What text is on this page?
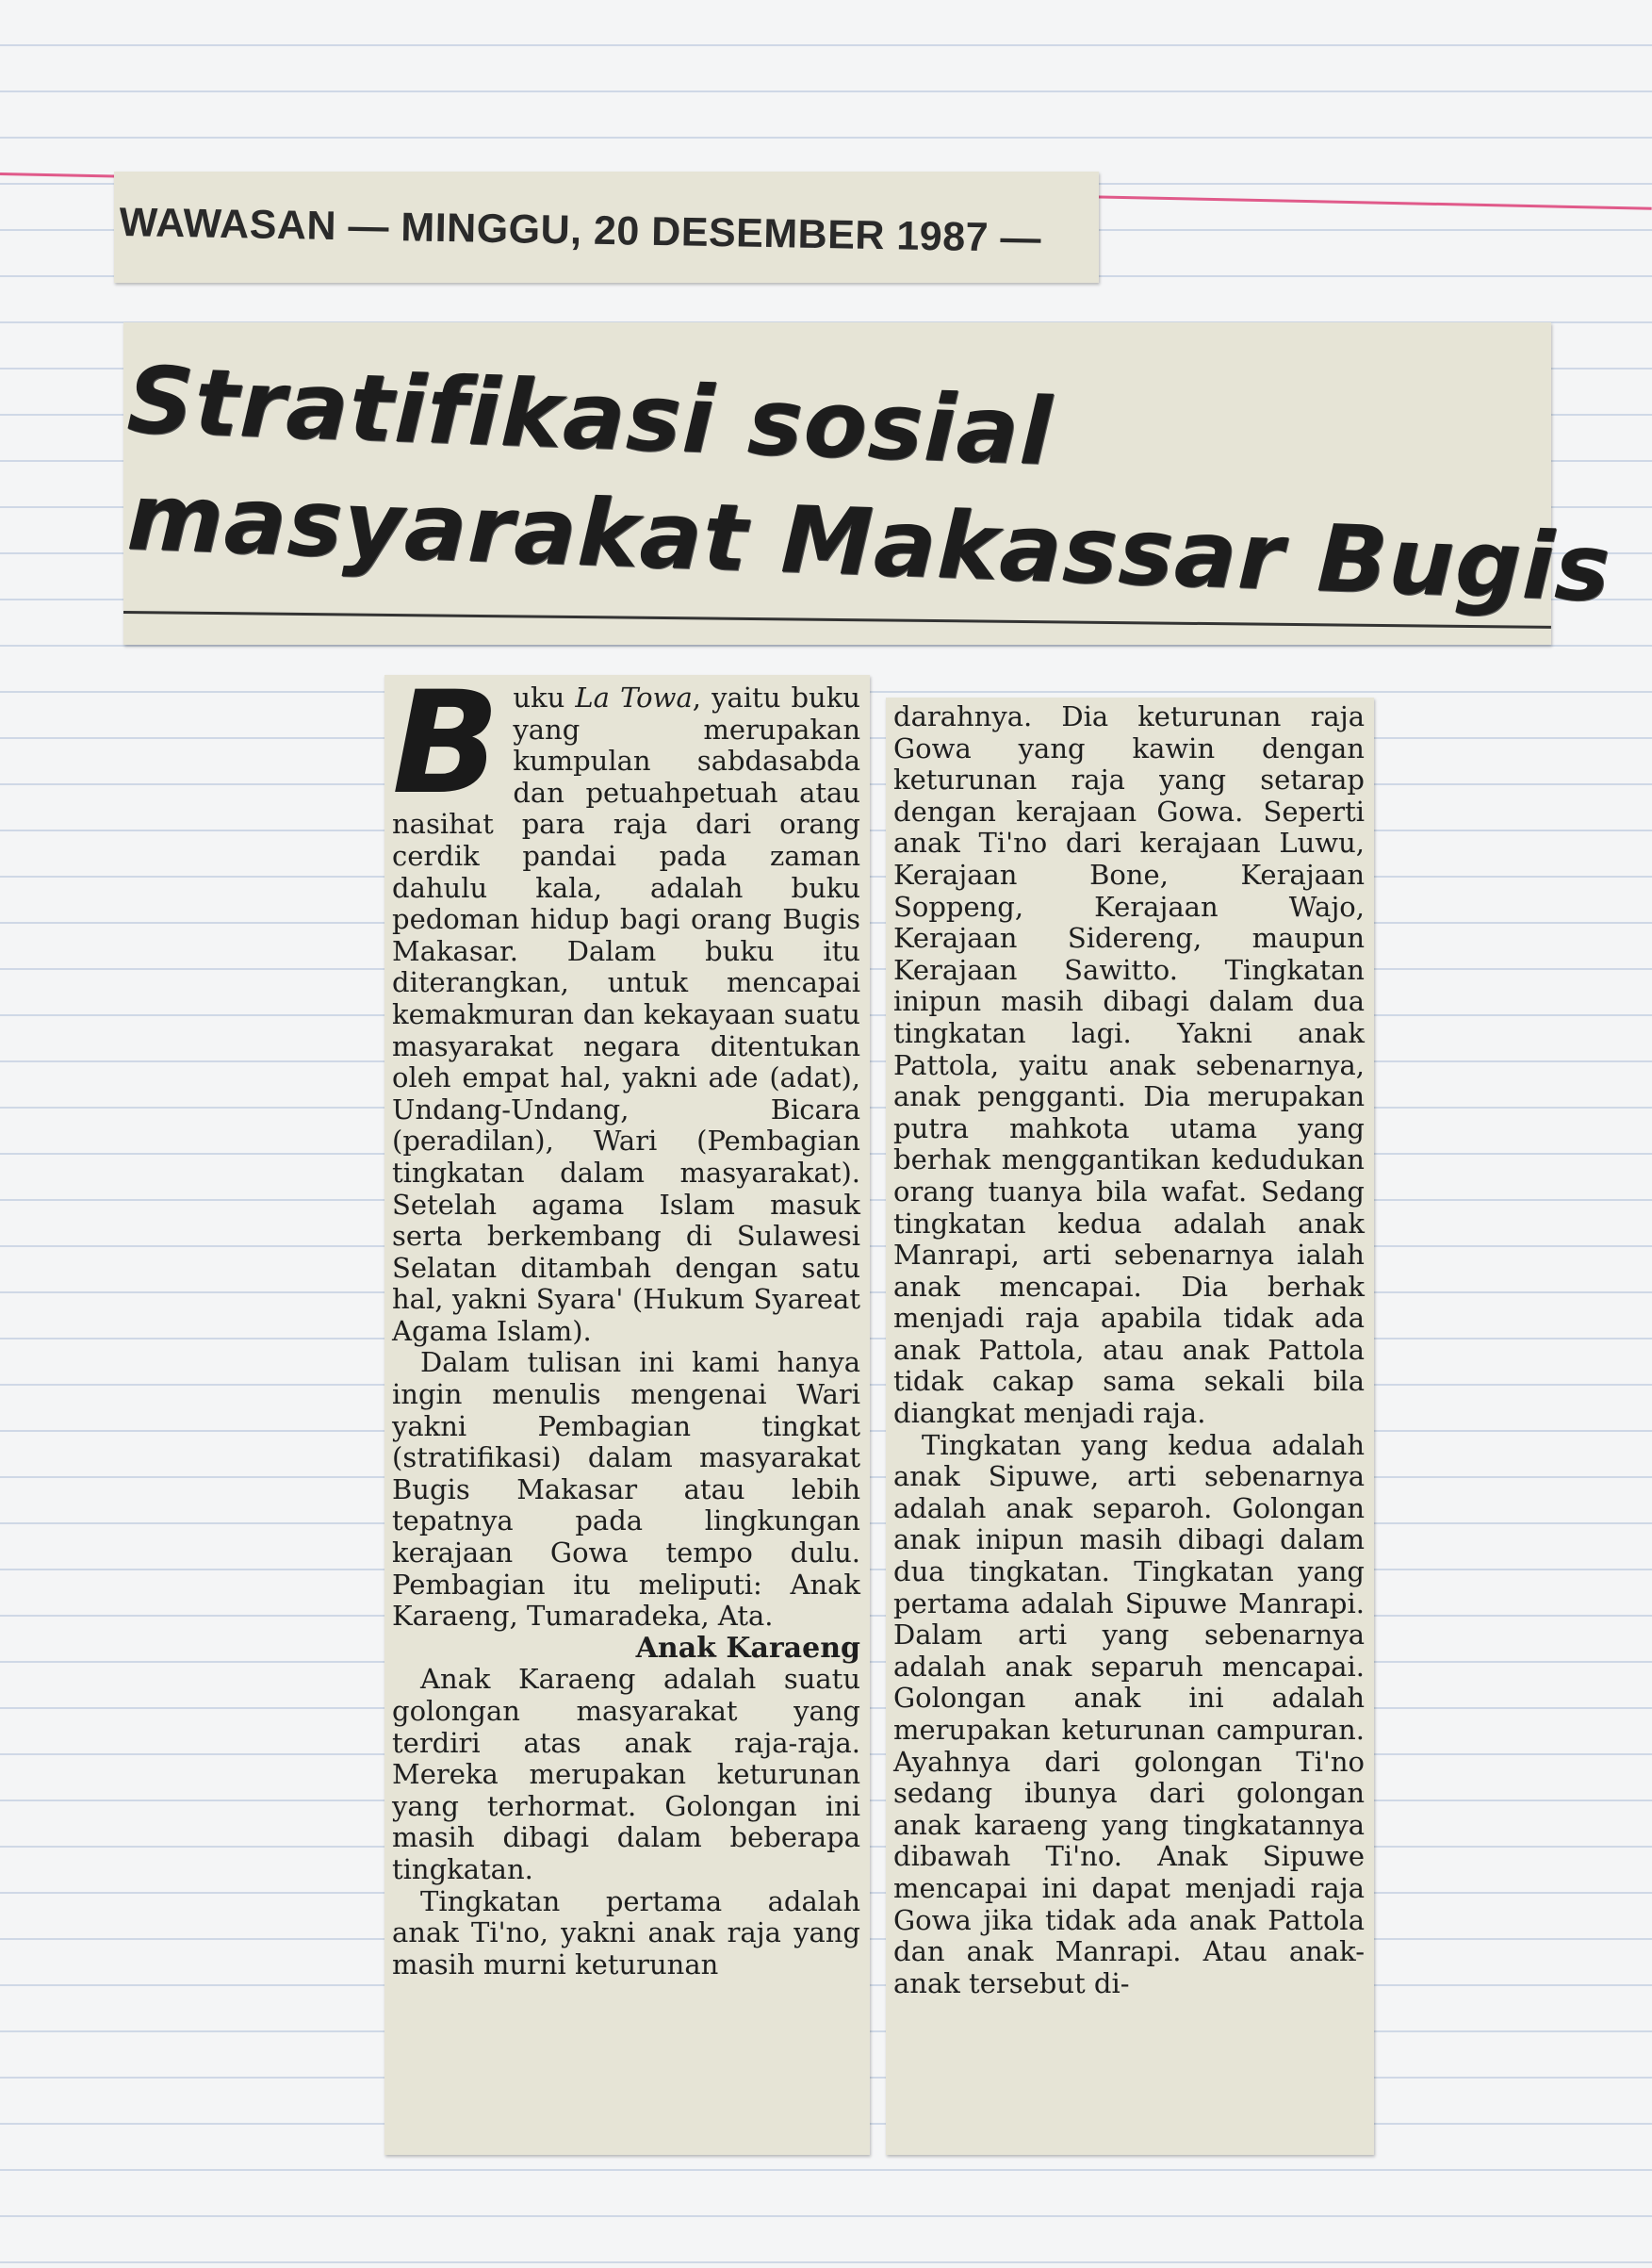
WAWASAN — MINGGU, 20 DESEMBER 1987 —
Stratifikasi sosial
masyarakat Makassar Bugis

Buku La Towa, yaitu buku yang merupakan kumpulan sabdasabda dan petuahpetuah atau nasihat para raja dari orang cerdik pandai pada zaman dahulu kala, adalah buku pedoman hidup bagi orang Bugis Makasar. Dalam buku itu diterangkan, untuk mencapai kemakmuran dan kekayaan suatu masyarakat negara ditentukan oleh empat hal, yakni ade (adat), Undang-Undang, Bicara (peradilan), Wari (Pembagian tingkatan dalam masyarakat). Setelah agama Islam masuk serta berkembang di Sulawesi Selatan ditambah dengan satu hal, yakni Syara' (Hukum Syareat Agama Islam).

Dalam tulisan ini kami hanya ingin menulis mengenai Wari yakni Pembagian tingkat (stratifikasi) dalam masyarakat Bugis Makasar atau lebih tepatnya pada lingkungan kerajaan Gowa tempo dulu. Pembagian itu meliputi: Anak Karaeng, Tumaradeka, Ata.

Anak Karaeng

Anak Karaeng adalah suatu golongan masyarakat yang terdiri atas anak raja-raja. Mereka merupakan keturunan yang terhormat. Golongan ini masih dibagi dalam beberapa tingkatan.

Tingkatan pertama adalah anak Ti'no, yakni anak raja yang masih murni keturunan

darahnya. Dia keturunan raja Gowa yang kawin dengan keturunan raja yang setarap dengan kerajaan Gowa. Seperti anak Ti'no dari kerajaan Luwu, Kerajaan Bone, Kerajaan Soppeng, Kerajaan Wajo, Kerajaan Sidereng, maupun Kerajaan Sawitto. Tingkatan inipun masih dibagi dalam dua tingkatan lagi. Yakni anak Pattola, yaitu anak sebenarnya, anak pengganti. Dia merupakan putra mahkota utama yang berhak menggantikan kedudukan orang tuanya bila wafat. Sedang tingkatan kedua adalah anak Manrapi, arti sebenarnya ialah anak mencapai. Dia berhak menjadi raja apabila tidak ada anak Pattola, atau anak Pattola tidak cakap sama sekali bila diangkat menjadi raja.

Tingkatan yang kedua adalah anak Sipuwe, arti sebenarnya adalah anak separoh. Golongan anak inipun masih dibagi dalam dua tingkatan. Tingkatan yang pertama adalah Sipuwe Manrapi. Dalam arti yang sebenarnya adalah anak separuh mencapai. Golongan anak ini adalah merupakan keturunan campuran. Ayahnya dari golongan Ti'no sedang ibunya dari golongan anak karaeng yang tingkatannya dibawah Ti'no. Anak Sipuwe mencapai ini dapat menjadi raja Gowa jika tidak ada anak Pattola dan anak Manrapi. Atau anak-anak tersebut di-
